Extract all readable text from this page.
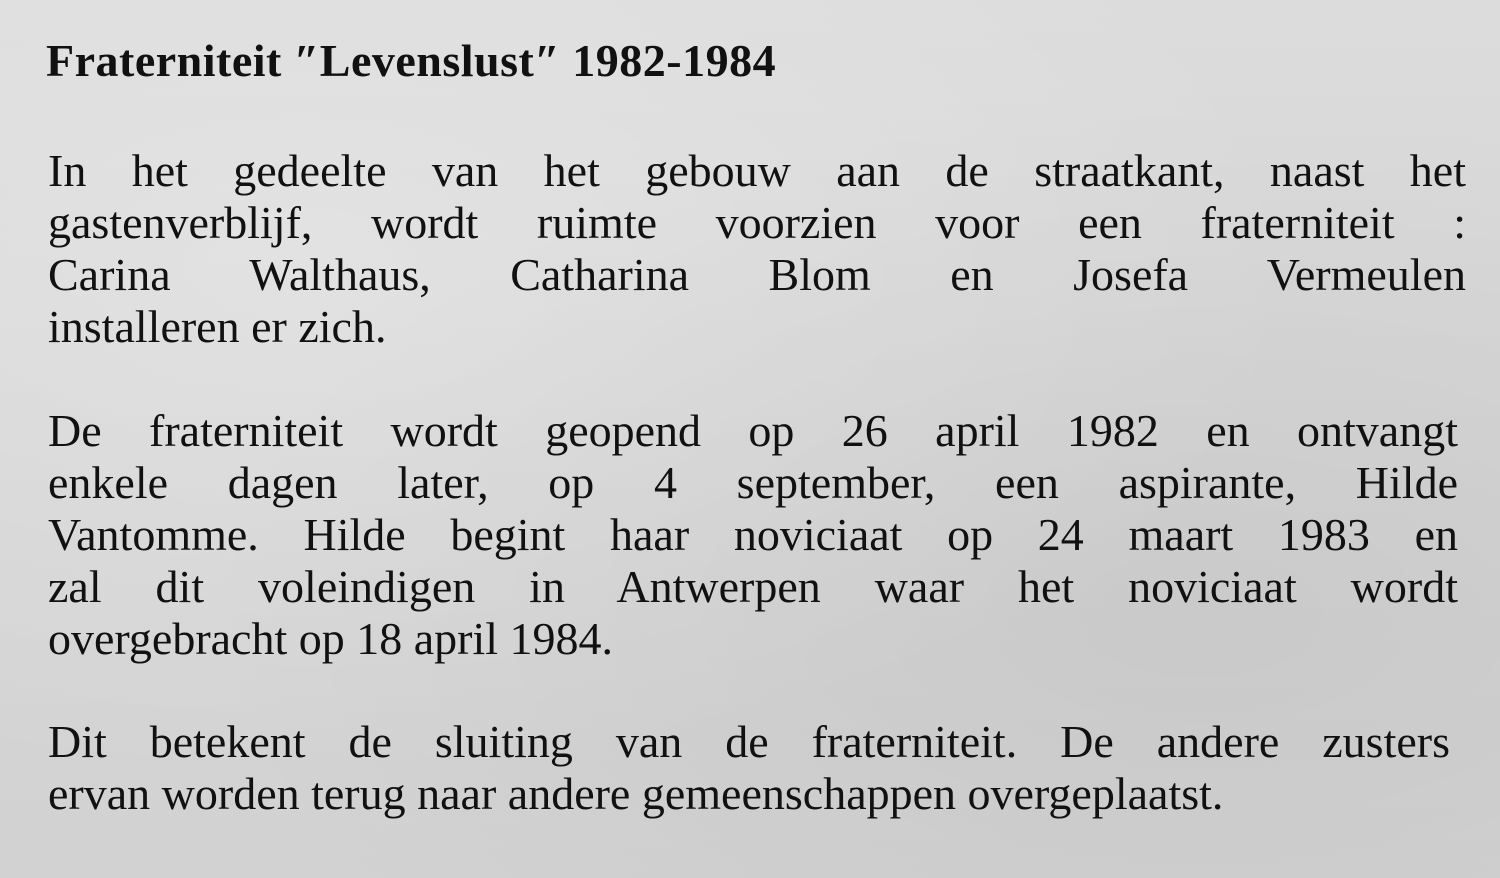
Fraterniteit ″Levenslust″ 1982-1984

In het gedeelte van het gebouw aan de straatkant, naast het
gastenverblijf, wordt ruimte voorzien voor een fraterniteit :
Carina Walthaus, Catharina Blom en Josefa Vermeulen
installeren er zich.

De fraterniteit wordt geopend op 26 april 1982 en ontvangt
enkele dagen later, op 4 september, een aspirante, Hilde
Vantomme. Hilde begint haar noviciaat op 24 maart 1983 en
zal dit voleindigen in Antwerpen waar het noviciaat wordt
overgebracht op 18 april 1984.

Dit betekent de sluiting van de fraterniteit. De andere zusters
ervan worden terug naar andere gemeenschappen overgeplaatst.
